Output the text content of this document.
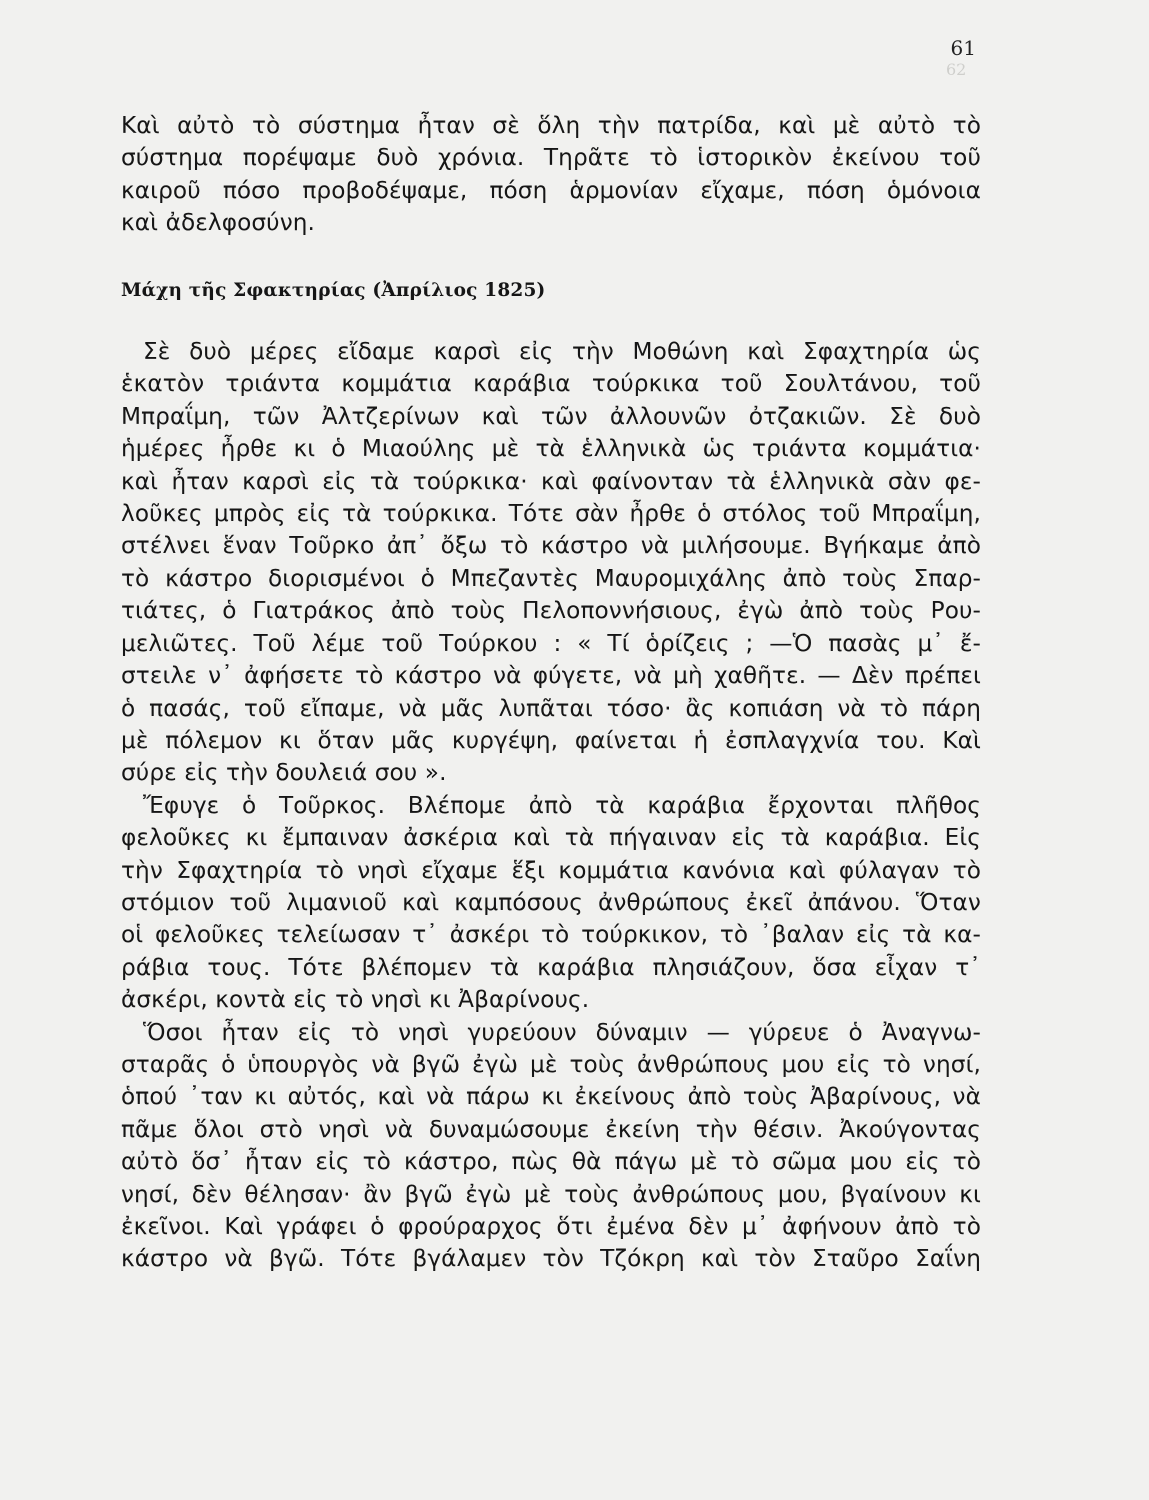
61
62

Καὶ αὐτὸ τὸ σύστημα ἦταν σὲ ὅλη τὴν πατρίδα, καὶ μὲ αὐτὸ τὸ
σύστημα πορέψαμε δυὸ χρόνια. Τηρᾶτε τὸ ἱστορικὸν ἐκείνου τοῦ
καιροῦ πόσο προβοδέψαμε, πόση ἁρμονίαν εἴχαμε, πόση ὁμόνοια
καὶ ἀδελφοσύνη.

Μάχη τῆς Σφακτηρίας (Ἀπρίλιος 1825)

Σὲ δυὸ μέρες εἴδαμε καρσὶ εἰς τὴν Μοθώνη καὶ Σφαχτηρία ὡς
ἑκατὸν τριάντα κομμάτια καράβια τούρκικα τοῦ Σουλτάνου, τοῦ
Μπραΐμη, τῶν Ἀλτζερίνων καὶ τῶν ἀλλουνῶν ὀτζακιῶν. Σὲ δυὸ
ἡμέρες ἦρθε κι ὁ Μιαούλης μὲ τὰ ἑλληνικὰ ὡς τριάντα κομμάτια·
καὶ ἦταν καρσὶ εἰς τὰ τούρκικα· καὶ φαίνονταν τὰ ἑλληνικὰ σὰν φε-
λοῦκες μπρὸς εἰς τὰ τούρκικα. Τότε σὰν ἦρθε ὁ στόλος τοῦ Μπραΐμη,
στέλνει ἕναν Τοῦρκο ἀπ᾿ ὄξω τὸ κάστρο νὰ μιλήσουμε. Βγήκαμε ἀπὸ
τὸ κάστρο διορισμένοι ὁ Μπεζαντὲς Μαυρομιχάλης ἀπὸ τοὺς Σπαρ-
τιάτες, ὁ Γιατράκος ἀπὸ τοὺς Πελοποννήσιους, ἐγὼ ἀπὸ τοὺς Ρου-
μελιῶτες. Τοῦ λέμε τοῦ Τούρκου : « Τί ὁρίζεις ; —Ὁ πασὰς μ᾿ ἔ-
στειλε ν᾿ ἀφήσετε τὸ κάστρο νὰ φύγετε, νὰ μὴ χαθῆτε. — Δὲν πρέπει
ὁ πασάς, τοῦ εἴπαμε, νὰ μᾶς λυπᾶται τόσο· ἂς κοπιάση νὰ τὸ πάρη
μὲ πόλεμον κι ὅταν μᾶς κυργέψη, φαίνεται ἡ ἐσπλαγχνία του. Καὶ
σύρε εἰς τὴν δουλειά σου ».

Ἔφυγε ὁ Τοῦρκος. Βλέπομε ἀπὸ τὰ καράβια ἔρχονται πλῆθος
φελοῦκες κι ἔμπαιναν ἀσκέρια καὶ τὰ πήγαιναν εἰς τὰ καράβια. Εἰς
τὴν Σφαχτηρία τὸ νησὶ εἴχαμε ἕξι κομμάτια κανόνια καὶ φύλαγαν τὸ
στόμιον τοῦ λιμανιοῦ καὶ καμπόσους ἀνθρώπους ἐκεῖ ἀπάνου. Ὅταν
οἱ φελοῦκες τελείωσαν τ᾿ ἀσκέρι τὸ τούρκικον, τὸ ᾿βαλαν εἰς τὰ κα-
ράβια τους. Τότε βλέπομεν τὰ καράβια πλησιάζουν, ὅσα εἶχαν τ᾿
ἀσκέρι, κοντὰ εἰς τὸ νησὶ κι Ἀβαρίνους.

Ὅσοι ἦταν εἰς τὸ νησὶ γυρεύουν δύναμιν — γύρευε ὁ Ἀναγνω-
σταρᾶς ὁ ὑπουργὸς νὰ βγῶ ἐγὼ μὲ τοὺς ἀνθρώπους μου εἰς τὸ νησί,
ὁπού ᾿ταν κι αὐτός, καὶ νὰ πάρω κι ἐκείνους ἀπὸ τοὺς Ἀβαρίνους, νὰ
πᾶμε ὅλοι στὸ νησὶ νὰ δυναμώσουμε ἐκείνη τὴν θέσιν. Ἀκούγοντας
αὐτὸ ὅσ᾿ ἦταν εἰς τὸ κάστρο, πὼς θὰ πάγω μὲ τὸ σῶμα μου εἰς τὸ
νησί, δὲν θέλησαν· ἂν βγῶ ἐγὼ μὲ τοὺς ἀνθρώπους μου, βγαίνουν κι
ἐκεῖνοι. Καὶ γράφει ὁ φρούραρχος ὅτι ἐμένα δὲν μ᾿ ἀφήνουν ἀπὸ τὸ
κάστρο νὰ βγῶ. Τότε βγάλαμεν τὸν Τζόκρη καὶ τὸν Σταῦρο Σαΐνη
